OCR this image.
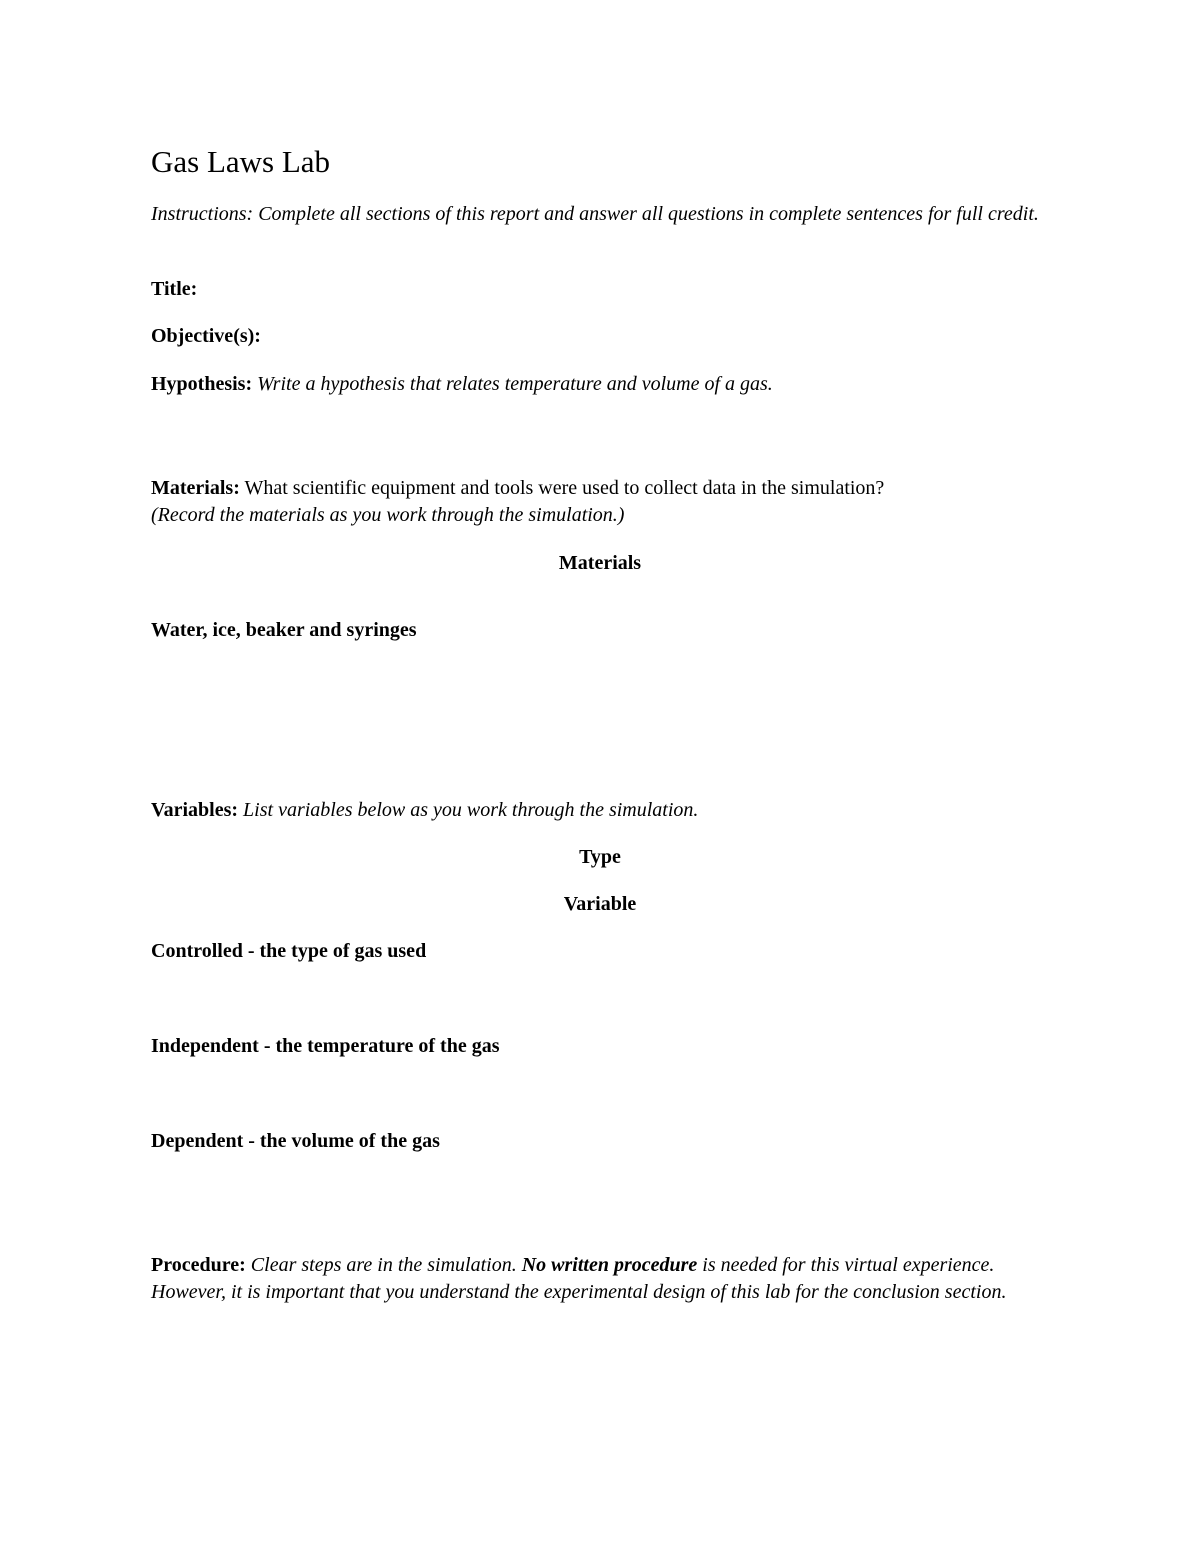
Gas Laws Lab
Instructions: Complete all sections of this report and answer all questions in complete sentences for full credit.
Title:
Objective(s):
Hypothesis: Write a hypothesis that relates temperature and volume of a gas.
Materials: What scientific equipment and tools were used to collect data in the simulation?
(Record the materials as you work through the simulation.)
Materials
Water, ice, beaker and syringes
Variables: List variables below as you work through the simulation.
Type
Variable
Controlled - the type of gas used
Independent - the temperature of the gas
Dependent - the volume of the gas
Procedure: Clear steps are in the simulation. No written procedure is needed for this virtual experience. However, it is important that you understand the experimental design of this lab for the conclusion section.
